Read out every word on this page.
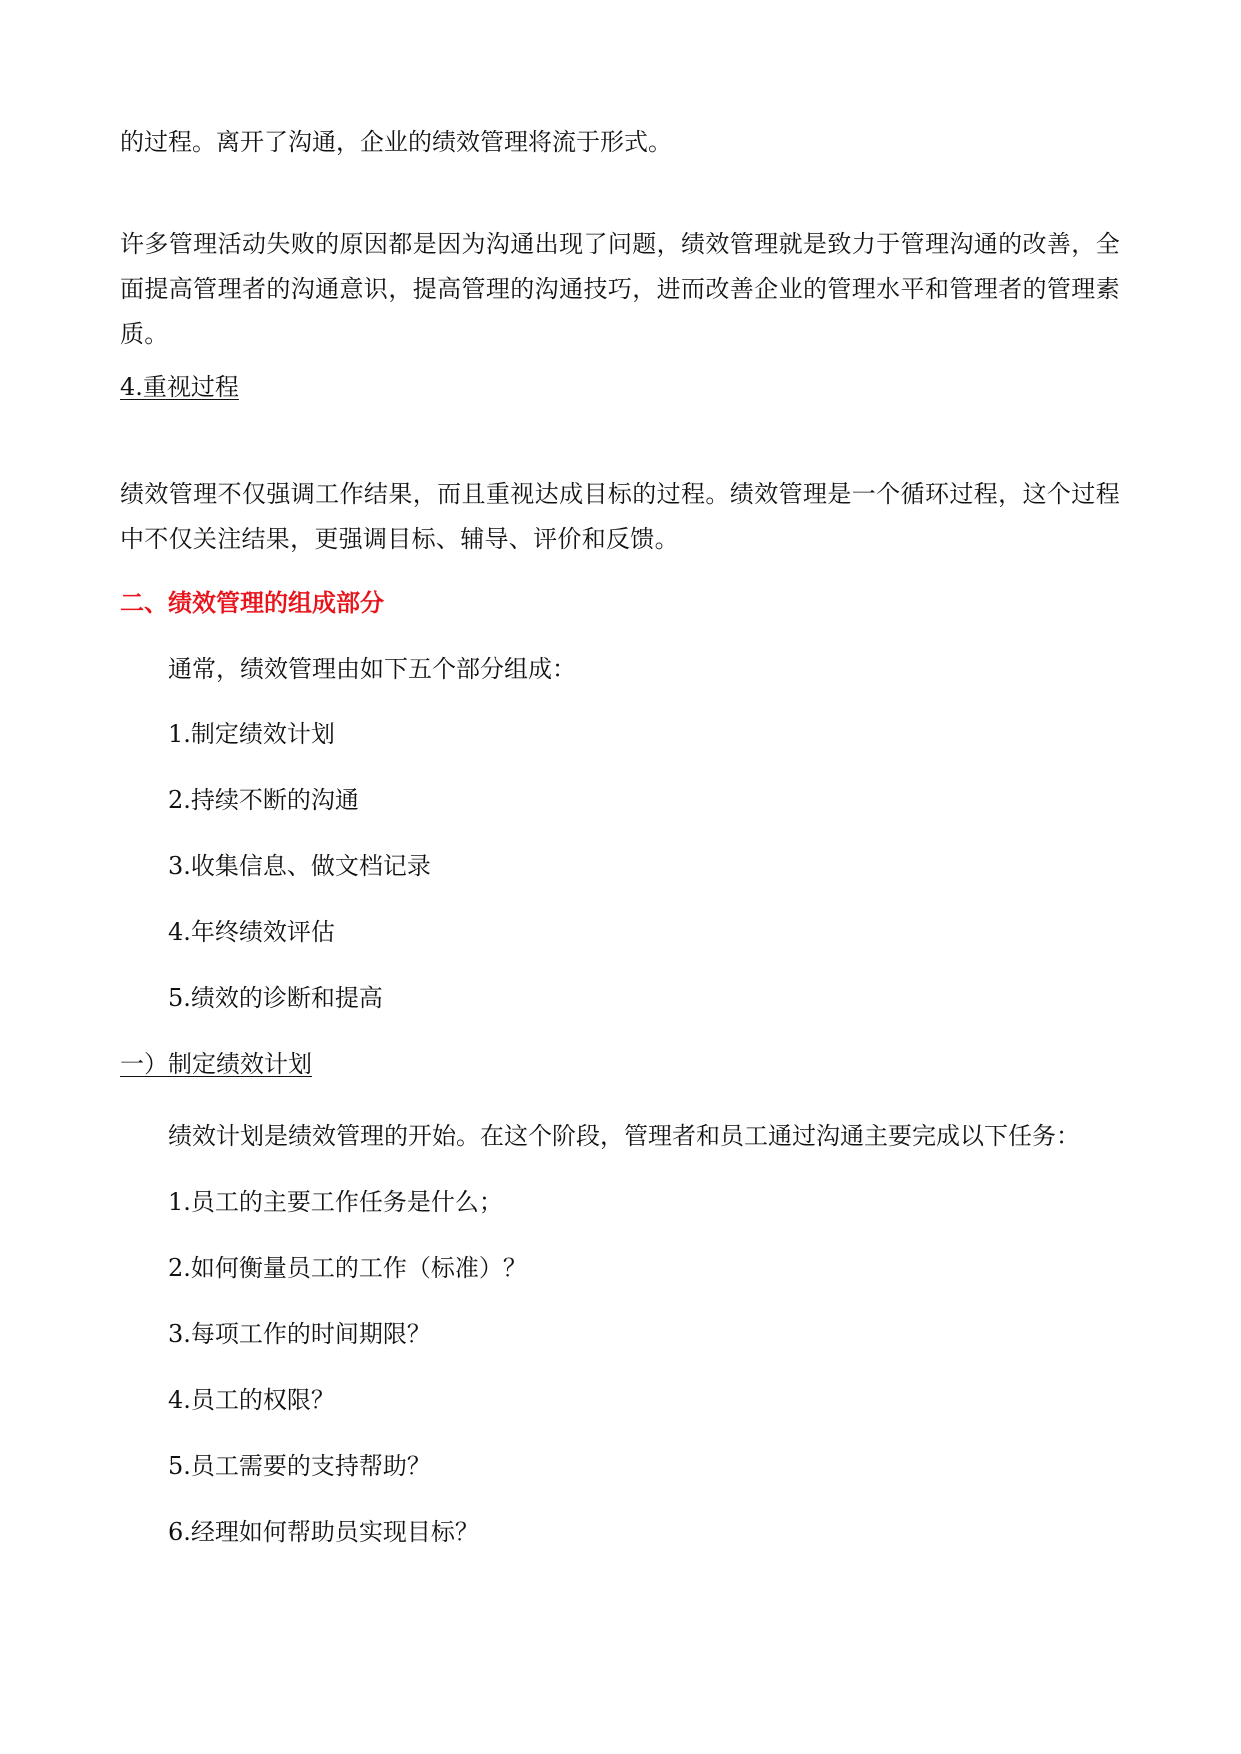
的过程。离开了沟通，企业的绩效管理将流于形式。

许多管理活动失败的原因都是因为沟通出现了问题，绩效管理就是致力于管理沟通的改善，全面提高管理者的沟通意识，提高管理的沟通技巧，进而改善企业的管理水平和管理者的管理素质。

4.重视过程

绩效管理不仅强调工作结果，而且重视达成目标的过程。绩效管理是一个循环过程，这个过程中不仅关注结果，更强调目标、辅导、评价和反馈。

二、绩效管理的组成部分

通常，绩效管理由如下五个部分组成：

1.制定绩效计划

2.持续不断的沟通

3.收集信息、做文档记录

4.年终绩效评估

5.绩效的诊断和提高

一）制定绩效计划

绩效计划是绩效管理的开始。在这个阶段，管理者和员工通过沟通主要完成以下任务：

1.员工的主要工作任务是什么；

2.如何衡量员工的工作（标准）？

3.每项工作的时间期限？

4.员工的权限？

5.员工需要的支持帮助？

6.经理如何帮助员实现目标？
